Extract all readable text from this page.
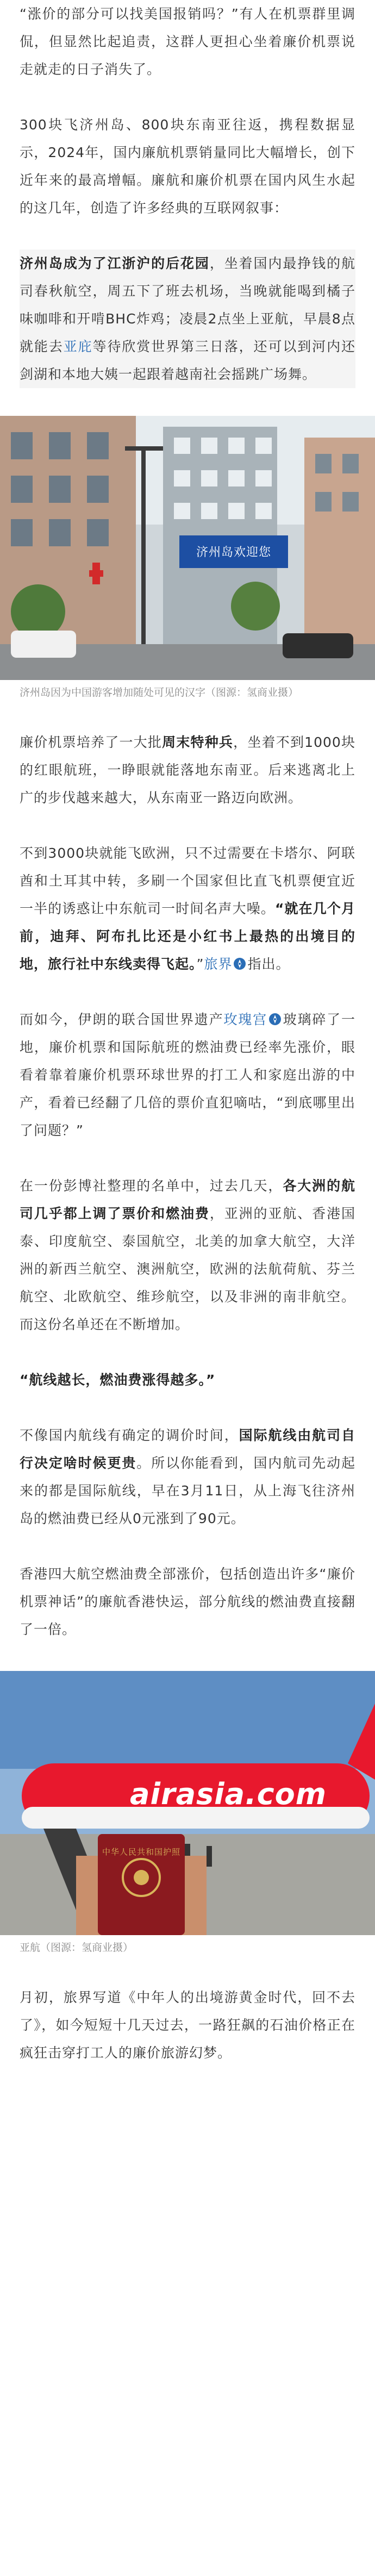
“涨价的部分可以找美国报销吗？”有人在机票群里调侃，但显然比起追责，这群人更担心坐着廉价机票说走就走的日子消失了。

300块飞济州岛、800块东南亚往返，携程数据显示，2024年，国内廉航机票销量同比大幅增长，创下近年来的最高增幅。廉航和廉价机票在国内风生水起的这几年，创造了许多经典的互联网叙事：

济州岛成为了江浙沪的后花园，坐着国内最挣钱的航司春秋航空，周五下了班去机场，当晚就能喝到橘子味咖啡和开啃BHC炸鸡；凌晨2点坐上亚航，早晨8点就能去亚庇等待欣赏世界第三日落，还可以到河内还剑湖和本地大姨一起跟着越南社会摇跳广场舞。

济州岛欢迎您
济州岛因为中国游客增加随处可见的汉字（图源：氢商业摄）

廉价机票培养了一大批周末特种兵，坐着不到1000块的红眼航班，一睁眼就能落地东南亚。后来逃离北上广的步伐越来越大，从东南亚一路迈向欧洲。

不到3000块就能飞欧洲，只不过需要在卡塔尔、阿联酋和土耳其中转，多刷一个国家但比直飞机票便宜近一半的诱惑让中东航司一时间名声大噪。“就在几个月前，迪拜、阿布扎比还是小红书上最热的出境目的地，旅行社中东线卖得飞起。”旅界 指出。

而如今，伊朗的联合国世界遗产玫瑰宫 玻璃碎了一地，廉价机票和国际航班的燃油费已经率先涨价，眼看着靠着廉价机票环球世界的打工人和家庭出游的中产，看着已经翻了几倍的票价直犯嘀咕，“到底哪里出了问题？”

在一份彭博社整理的名单中，过去几天，各大洲的航司几乎都上调了票价和燃油费，亚洲的亚航、香港国泰、印度航空、泰国航空，北美的加拿大航空，大洋洲的新西兰航空、澳洲航空，欧洲的法航荷航、芬兰航空、北欧航空、维珍航空，以及非洲的南非航空。而这份名单还在不断增加。

“航线越长，燃油费涨得越多。”

不像国内航线有确定的调价时间，国际航线由航司自行决定啥时候更贵。所以你能看到，国内航司先动起来的都是国际航线，早在3月11日，从上海飞往济州岛的燃油费已经从0元涨到了90元。

香港四大航空燃油费全部涨价，包括创造出许多“廉价机票神话”的廉航香港快运，部分航线的燃油费直接翻了一倍。

airasia.com
中华人民共和国护照
亚航（图源：氢商业摄）

月初，旅界写道《中年人的出境游黄金时代，回不去了》，如今短短十几天过去，一路狂飙的石油价格正在疯狂击穿打工人的廉价旅游幻梦。
